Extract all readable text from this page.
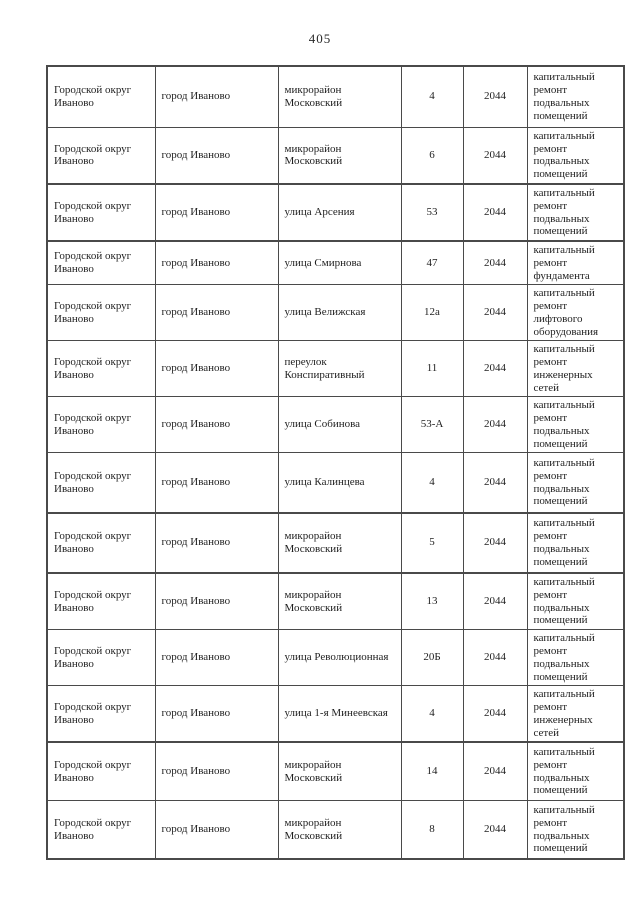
405
Городской округ Иваново	город Иваново	микрорайон Московский	4	2044	капитальный ремонт подвальных помещений
Городской округ Иваново	город Иваново	микрорайон Московский	6	2044	капитальный ремонт подвальных помещений
Городской округ Иваново	город Иваново	улица Арсения	53	2044	капитальный ремонт подвальных помещений
Городской округ Иваново	город Иваново	улица Смирнова	47	2044	капитальный ремонт фундамента
Городской округ Иваново	город Иваново	улица Велижская	12а	2044	капитальный ремонт лифтового оборудования
Городской округ Иваново	город Иваново	переулок Конспиративный	11	2044	капитальный ремонт инженерных сетей
Городской округ Иваново	город Иваново	улица Собинова	53-А	2044	капитальный ремонт подвальных помещений
Городской округ Иваново	город Иваново	улица Калинцева	4	2044	капитальный ремонт подвальных помещений
Городской округ Иваново	город Иваново	микрорайон Московский	5	2044	капитальный ремонт подвальных помещений
Городской округ Иваново	город Иваново	микрорайон Московский	13	2044	капитальный ремонт подвальных помещений
Городской округ Иваново	город Иваново	улица Революционная	20Б	2044	капитальный ремонт подвальных помещений
Городской округ Иваново	город Иваново	улица 1-я Минеевская	4	2044	капитальный ремонт инженерных сетей
Городской округ Иваново	город Иваново	микрорайон Московский	14	2044	капитальный ремонт подвальных помещений
Городской округ Иваново	город Иваново	микрорайон Московский	8	2044	капитальный ремонт подвальных помещений
